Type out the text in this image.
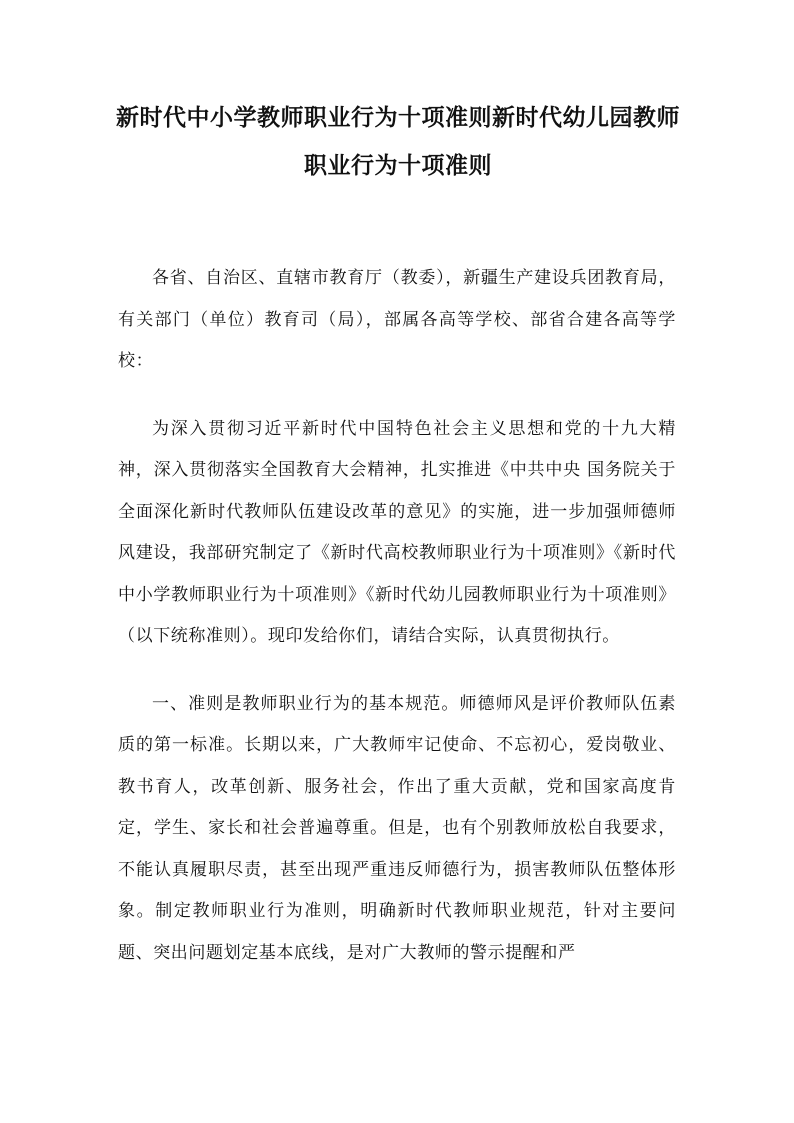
新时代中小学教师职业行为十项准则新时代幼儿园教师职业行为十项准则

各省、自治区、直辖市教育厅（教委），新疆生产建设兵团教育局，有关部门（单位）教育司（局），部属各高等学校、部省合建各高等学校：

为深入贯彻习近平新时代中国特色社会主义思想和党的十九大精神，深入贯彻落实全国教育大会精神，扎实推进《中共中央 国务院关于全面深化新时代教师队伍建设改革的意见》的实施，进一步加强师德师风建设，我部研究制定了《新时代高校教师职业行为十项准则》《新时代中小学教师职业行为十项准则》《新时代幼儿园教师职业行为十项准则》（以下统称准则）。现印发给你们，请结合实际，认真贯彻执行。

一、准则是教师职业行为的基本规范。师德师风是评价教师队伍素质的第一标准。长期以来，广大教师牢记使命、不忘初心，爱岗敬业、教书育人，改革创新、服务社会，作出了重大贡献，党和国家高度肯定，学生、家长和社会普遍尊重。但是，也有个别教师放松自我要求，不能认真履职尽责，甚至出现严重违反师德行为，损害教师队伍整体形象。制定教师职业行为准则，明确新时代教师职业规范，针对主要问题、突出问题划定基本底线，是对广大教师的警示提醒和严
